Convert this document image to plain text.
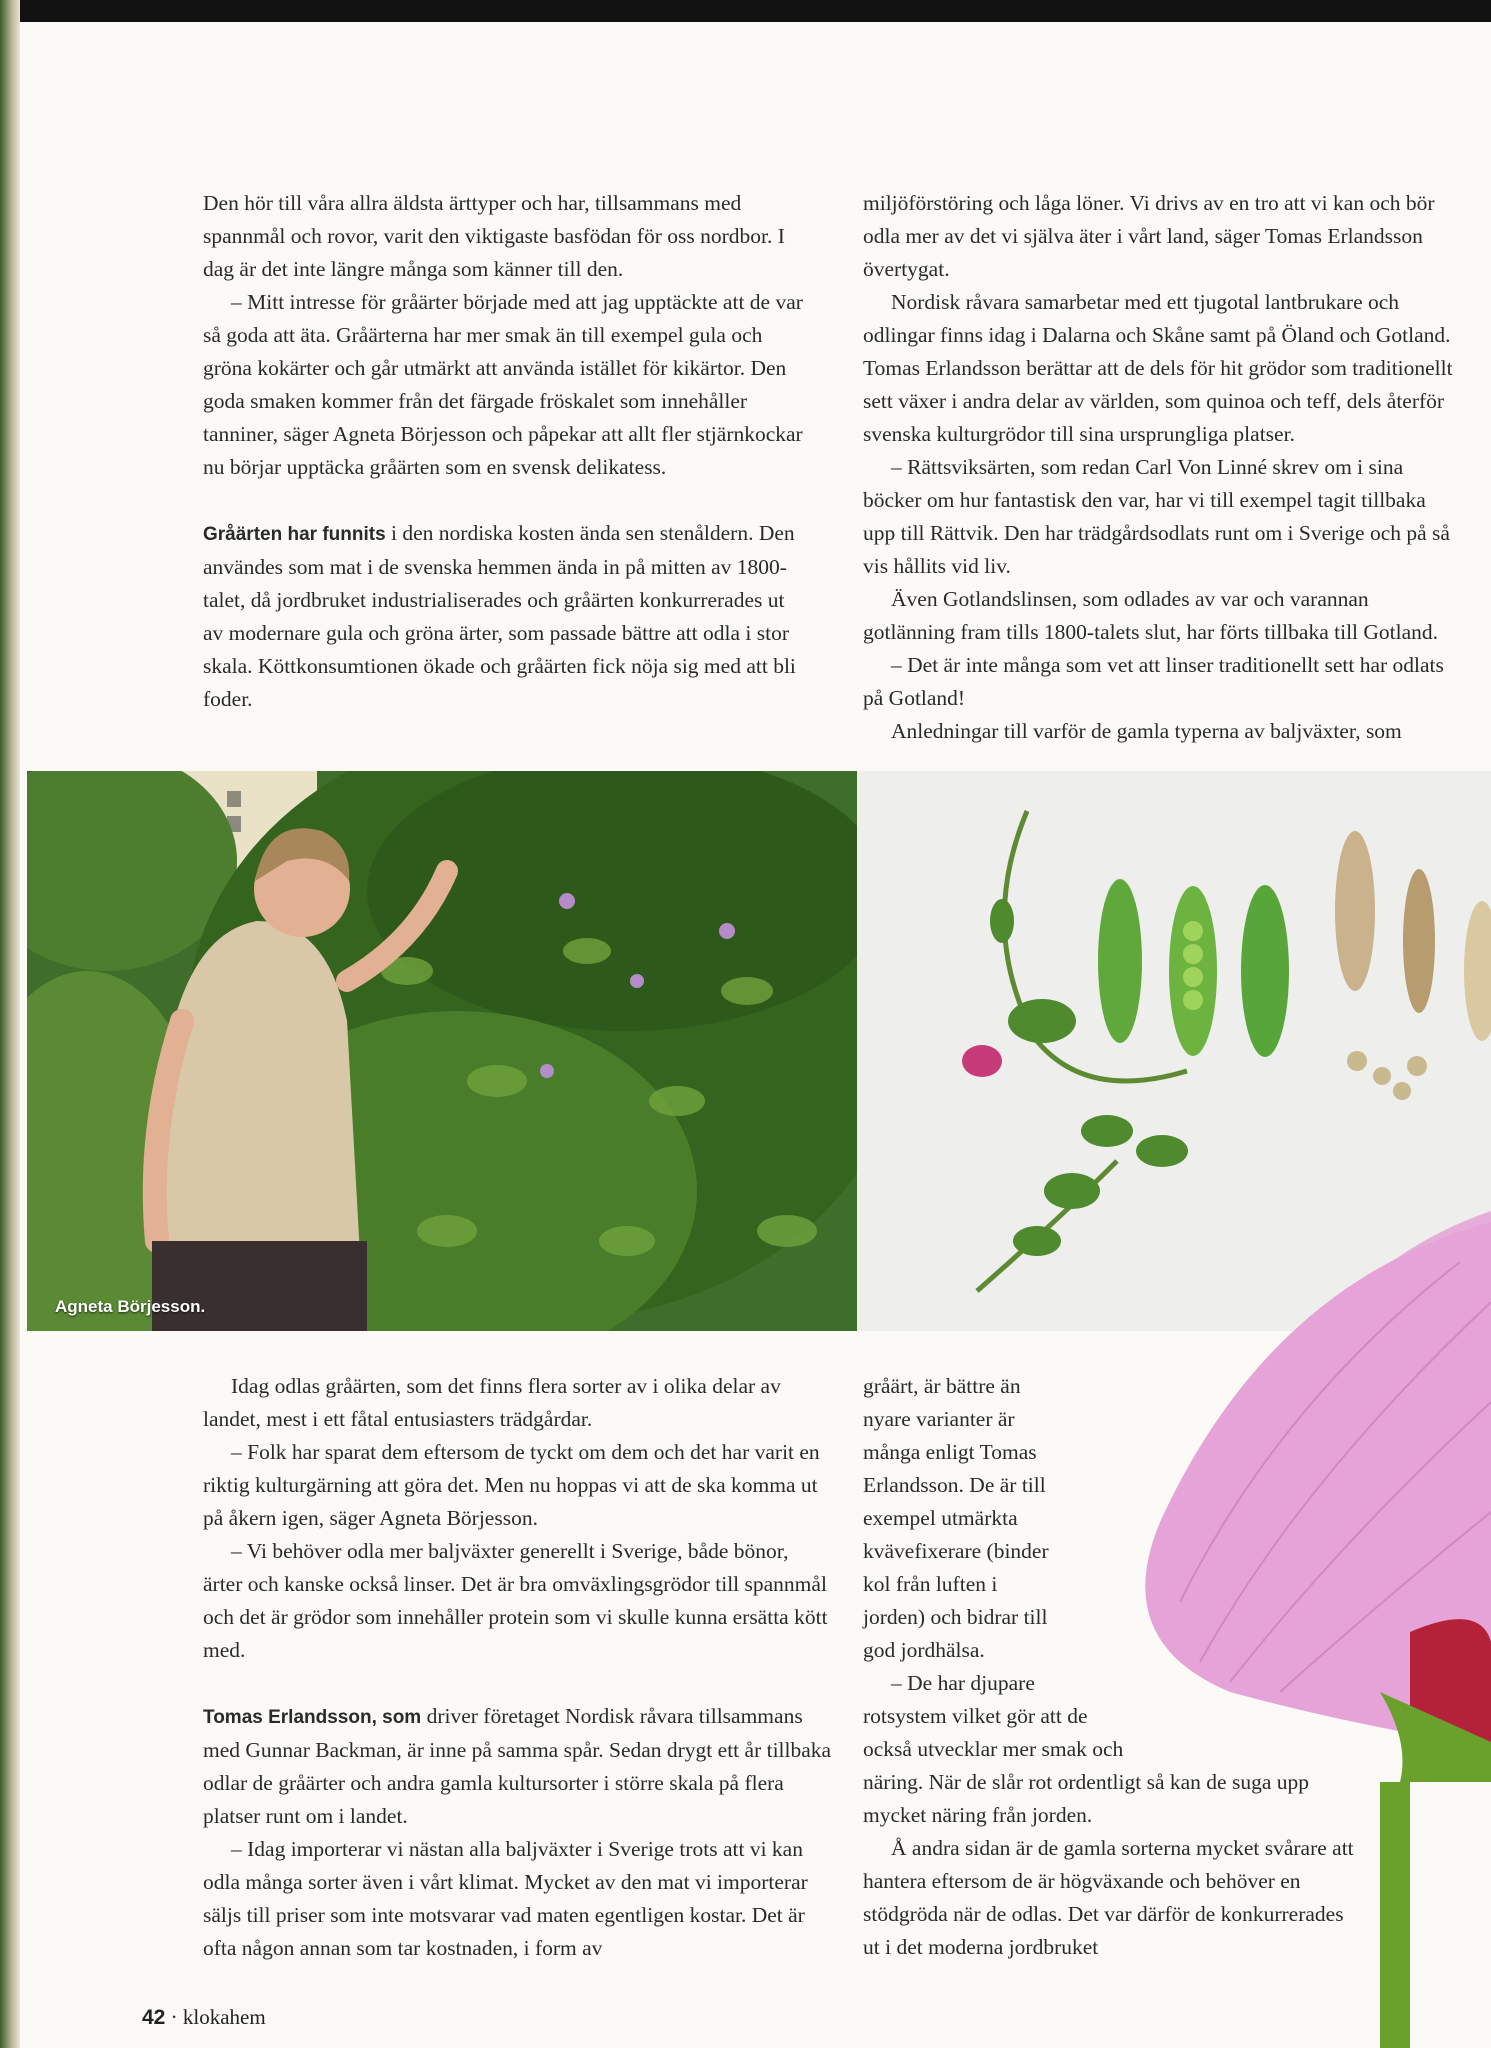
Den hör till våra allra äldsta ärttyper och har, tillsammans med spannmål och rovor, varit den viktigaste basfödan för oss nordbor. I dag är det inte längre många som känner till den.

– Mitt intresse för gråärter började med att jag upptäckte att de var så goda att äta. Gråärterna har mer smak än till exempel gula och gröna kokärter och går utmärkt att använda istället för kikärtor. Den goda smaken kommer från det färgade fröskalet som innehåller tanniner, säger Agneta Börjesson och påpekar att allt fler stjärnkockar nu börjar upptäcka gråärten som en svensk delikatess.

Gråärten har funnits i den nordiska kosten ända sen stenåldern. Den användes som mat i de svenska hemmen ända in på mitten av 1800-talet, då jordbruket industrialiserades och gråärten konkurrerades ut av modernare gula och gröna ärter, som passade bättre att odla i stor skala. Köttkonsumtionen ökade och gråärten fick nöja sig med att bli foder.

miljöförstöring och låga löner. Vi drivs av en tro att vi kan och bör odla mer av det vi själva äter i vårt land, säger Tomas Erlandsson övertygat.

Nordisk råvara samarbetar med ett tjugotal lantbrukare och odlingar finns idag i Dalarna och Skåne samt på Öland och Gotland. Tomas Erlandsson berättar att de dels för hit grödor som traditionellt sett växer i andra delar av världen, som quinoa och teff, dels återför svenska kulturgrödor till sina ursprungliga platser.

– Rättsviksärten, som redan Carl Von Linné skrev om i sina böcker om hur fantastisk den var, har vi till exempel tagit tillbaka upp till Rättvik. Den har trädgårdsodlats runt om i Sverige och på så vis hållits vid liv.

Även Gotlandslinsen, som odlades av var och varannan gotlänning fram tills 1800-talets slut, har förts tillbaka till Gotland.

– Det är inte många som vet att linser traditionellt sett har odlats på Gotland!

Anledningar till varför de gamla typerna av baljväxter, som

Agneta Börjesson.

Idag odlas gråärten, som det finns flera sorter av i olika delar av landet, mest i ett fåtal entusiasters trädgårdar.

– Folk har sparat dem eftersom de tyckt om dem och det har varit en riktig kulturgärning att göra det. Men nu hoppas vi att de ska komma ut på åkern igen, säger Agneta Börjesson.

– Vi behöver odla mer baljväxter generellt i Sverige, både bönor, ärter och kanske också linser. Det är bra omväxlingsgrödor till spannmål och det är grödor som innehåller protein som vi skulle kunna ersätta kött med.

Tomas Erlandsson, som driver företaget Nordisk råvara tillsammans med Gunnar Backman, är inne på samma spår. Sedan drygt ett år tillbaka odlar de gråärter och andra gamla kultursorter i större skala på flera platser runt om i landet.

– Idag importerar vi nästan alla baljväxter i Sverige trots att vi kan odla många sorter även i vårt klimat. Mycket av den mat vi importerar säljs till priser som inte motsvarar vad maten egentligen kostar. Det är ofta någon annan som tar kostnaden, i form av

gråärt, är bättre än
nyare varianter är
många enligt Tomas
Erlandsson. De är till
exempel utmärkta
kvävefixerare (binder
kol från luften i
jorden) och bidrar till
god jordhälsa.
– De har djupare
rotsystem vilket gör att de
också utvecklar mer smak och

näring. När de slår rot ordentligt så kan de suga upp mycket näring från jorden.

Å andra sidan är de gamla sorterna mycket svårare att hantera eftersom de är högväxande och behöver en stödgröda när de odlas. Det var därför de konkurrerades ut i det moderna jordbruket

42 · klokahem
